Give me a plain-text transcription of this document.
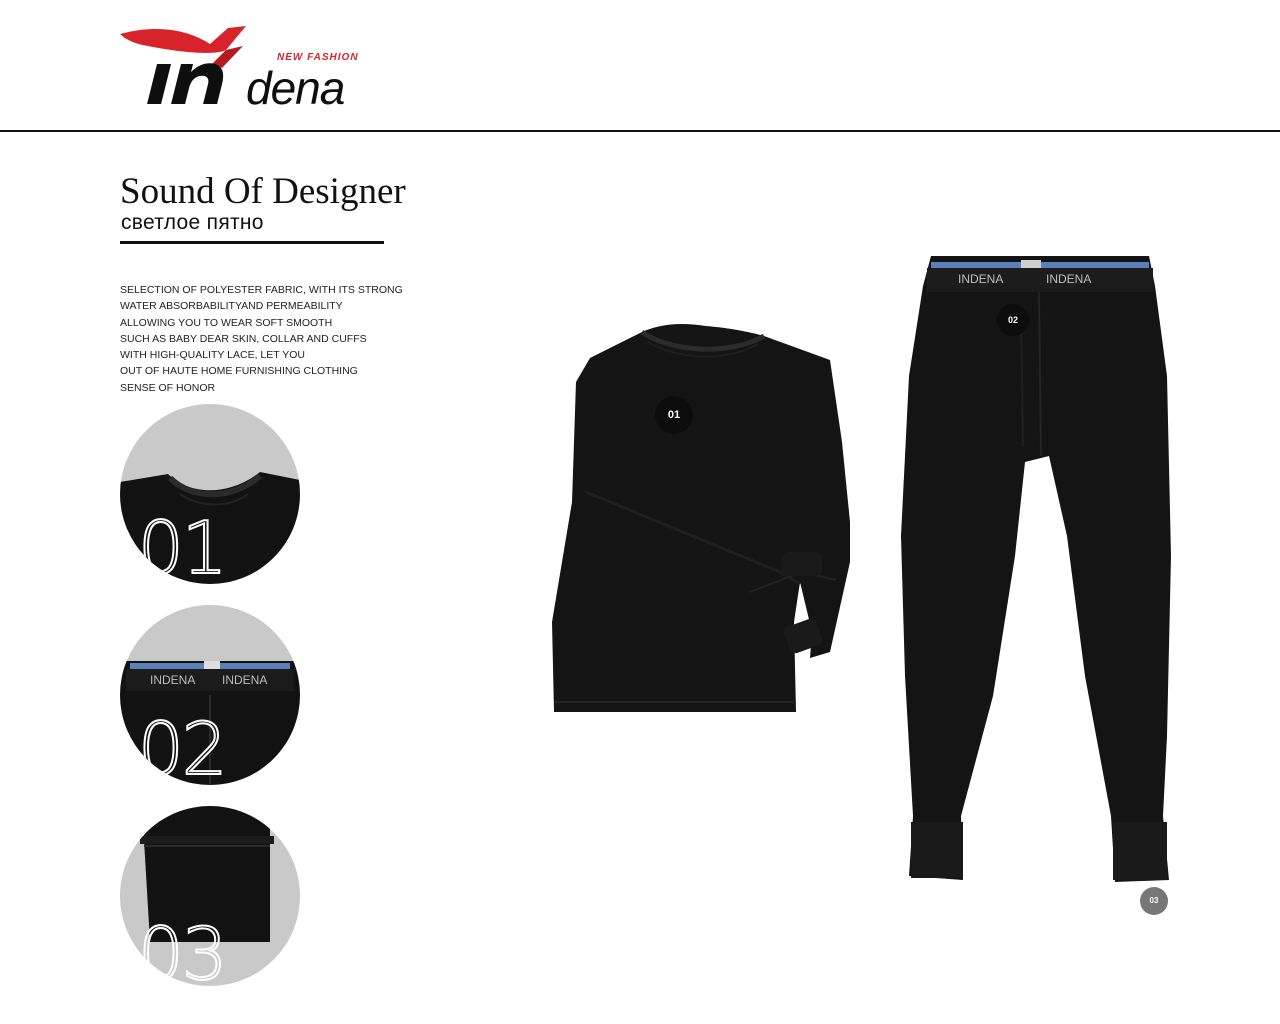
dena
NEW FASHION
Sound Of Designer
светлое пятно
SELECTION OF POLYESTER FABRIC, WITH ITS STRONG
WATER ABSORBABILITYAND PERMEABILITY
ALLOWING YOU TO WEAR SOFT SMOOTH
SUCH AS BABY DEAR SKIN, COLLAR AND CUFFS
WITH HIGH-QUALITY LACE, LET YOU
OUT OF HAUTE HOME FURNISHING CLOTHING
SENSE OF HONOR
01
INDENA INDENA
02
03
INDENA	INDENA
01
02
03
